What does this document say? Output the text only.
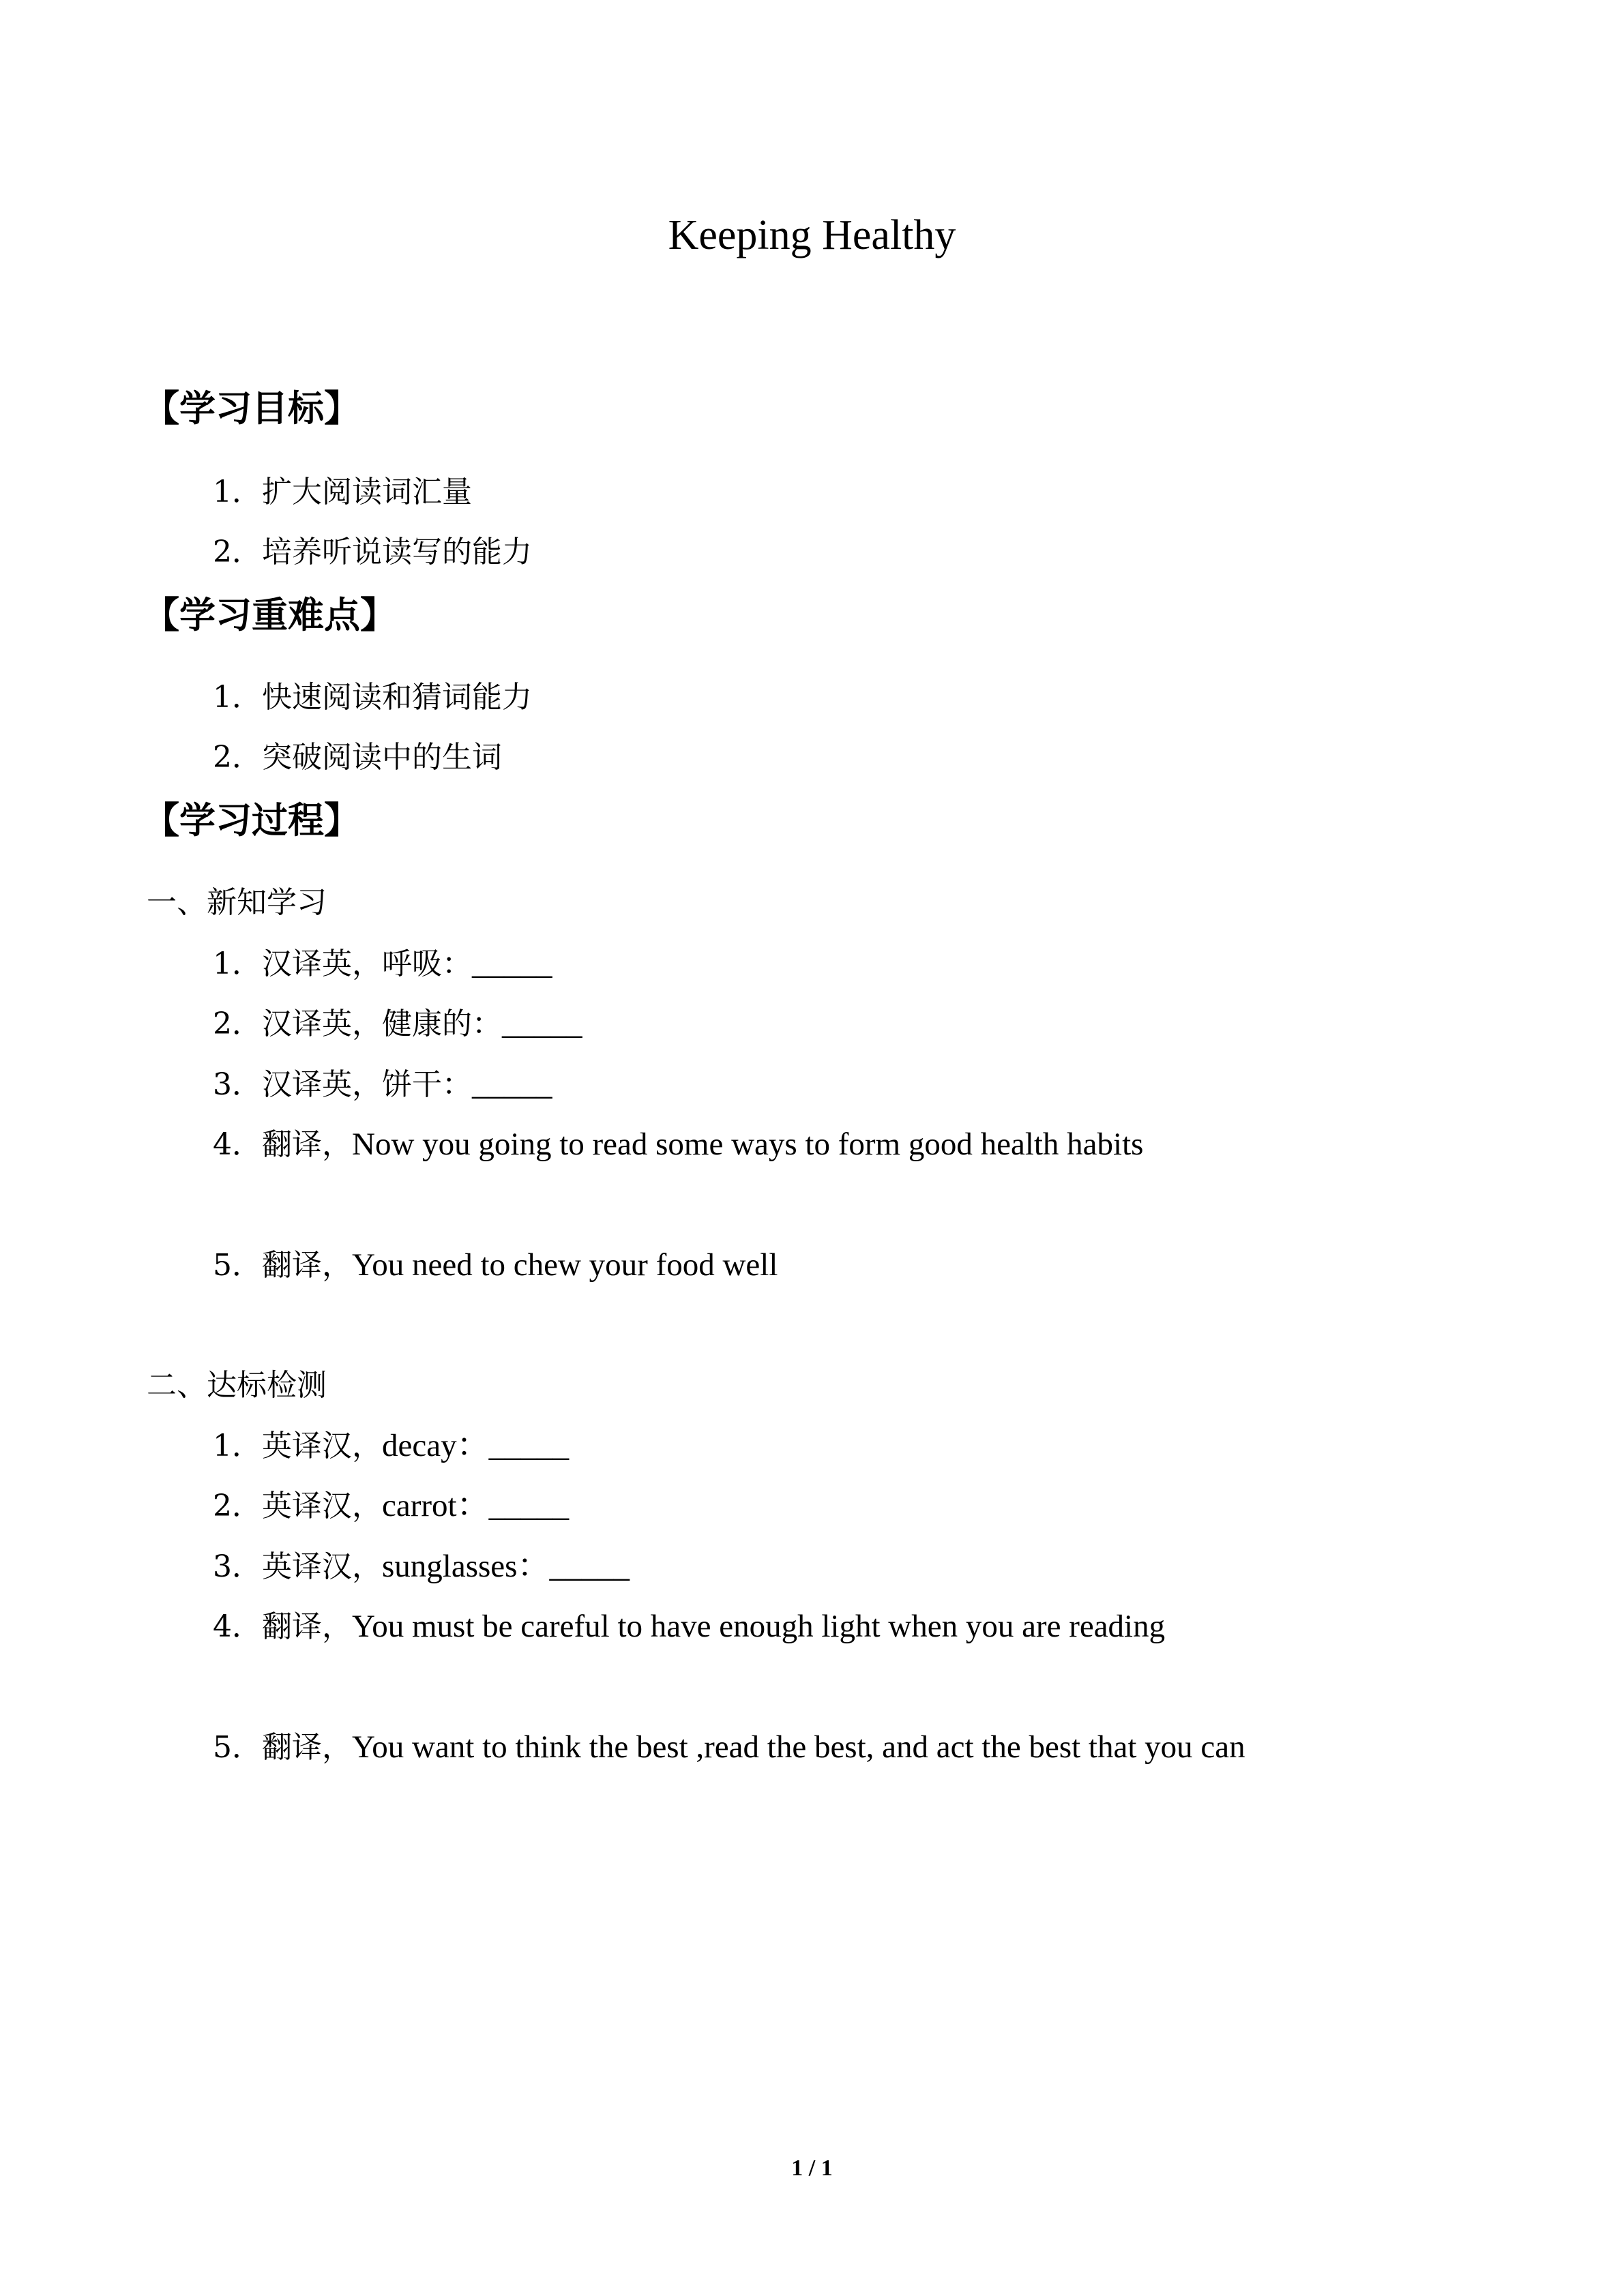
Keeping Healthy
【学习目标】
1．扩大阅读词汇量
2．培养听说读写的能力
【学习重难点】
1．快速阅读和猜词能力
2．突破阅读中的生词
【学习过程】
一、新知学习
1．汉译英，呼吸：_____
2．汉译英，健康的：_____
3．汉译英，饼干：_____
4．翻译，Now you going to read some ways to form good health habits
5．翻译，You need to chew your food well
二、达标检测
1．英译汉，decay：_____
2．英译汉，carrot：_____
3．英译汉，sunglasses：_____
4．翻译，You must be careful to have enough light when you are reading
5．翻译，You want to think the best ,read the best, and act the best that you can
1 / 1
